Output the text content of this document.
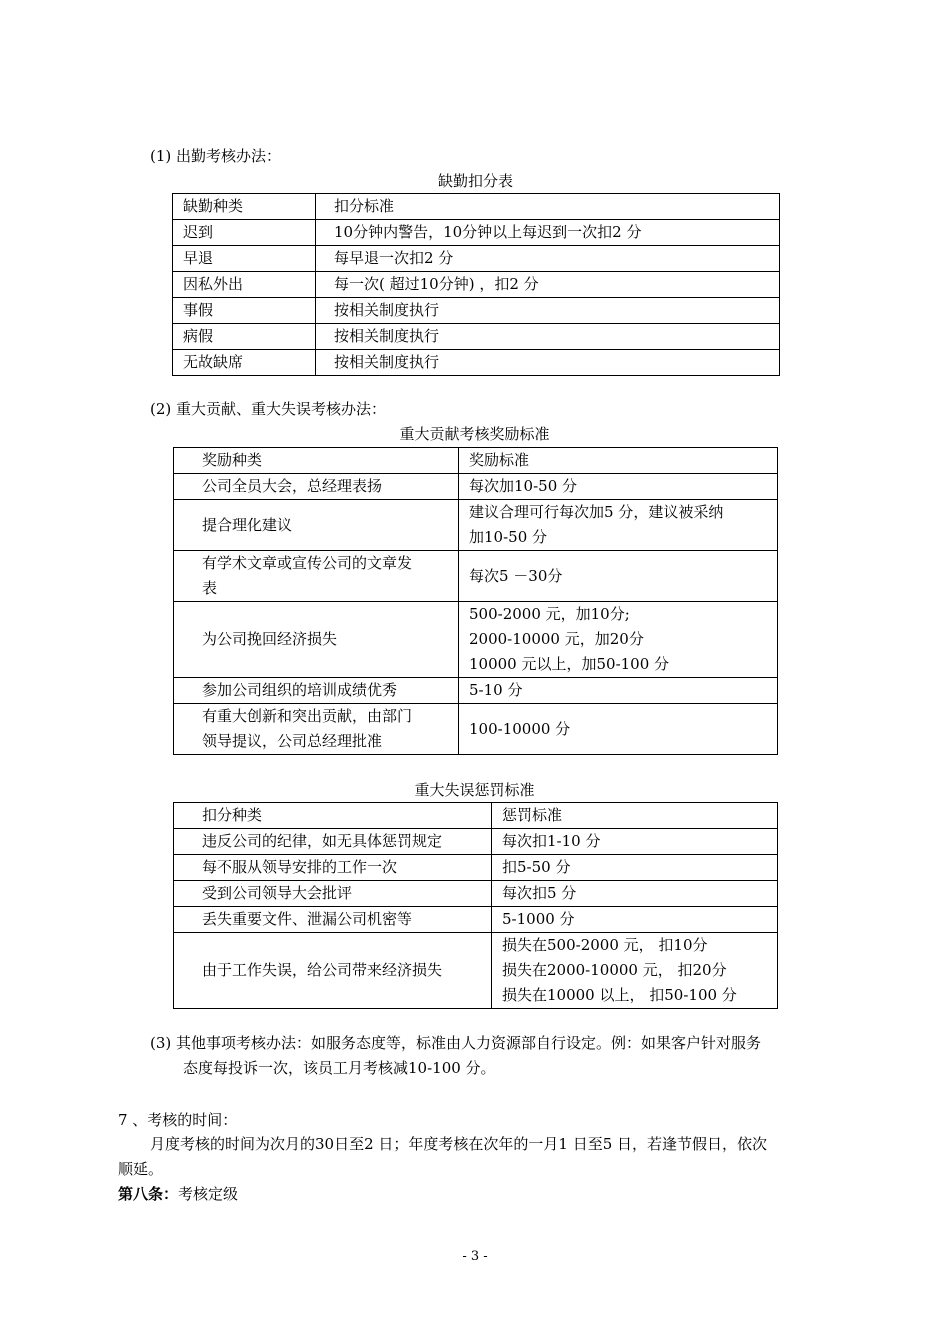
(1) 出勤考核办法：
缺勤扣分表
缺勤种类	扣分标准
迟到	10分钟内警告，10分钟以上每迟到一次扣2 分
早退	每早退一次扣2 分
因私外出	每一次( 超过10分钟) ，扣2 分
事假	按相关制度执行
病假	按相关制度执行
无故缺席	按相关制度执行
(2) 重大贡献、重大失误考核办法：
重大贡献考核奖励标准
奖励种类	奖励标准

公司全员大会，总经理表扬	每次加10-50 分

提合理化建议	建议合理可行每次加5 分，建议被采纳
加10-50 分

有学术文章或宣传公司的文章发
表	每次5 －30分

为公司挽回经济损失	500-2000 元，加10分;
2000-10000 元，加20分
10000 元以上，加50-100 分

参加公司组织的培训成绩优秀	5-10 分

有重大创新和突出贡献，由部门
领导提议，公司总经理批准	100-10000 分
重大失误惩罚标准
扣分种类	惩罚标准

违反公司的纪律，如无具体惩罚规定	每次扣1-10 分

每不服从领导安排的工作一次	扣5-50 分

受到公司领导大会批评	每次扣5 分

丢失重要文件、泄漏公司机密等	5-1000 分

由于工作失误，给公司带来经济损失	损失在500-2000 元， 扣10分
损失在2000-10000 元， 扣20分
损失在10000 以上， 扣50-100 分
(3) 其他事项考核办法：如服务态度等，标准由人力资源部自行设定。例：如果客户针对服务
态度每投诉一次，该员工月考核减10-100 分。
7 、考核的时间：
月度考核的时间为次月的30日至2 日；年度考核在次年的一月1 日至5 日，若逢节假日，依次
顺延。
第八条：考核定级
- 3 -
